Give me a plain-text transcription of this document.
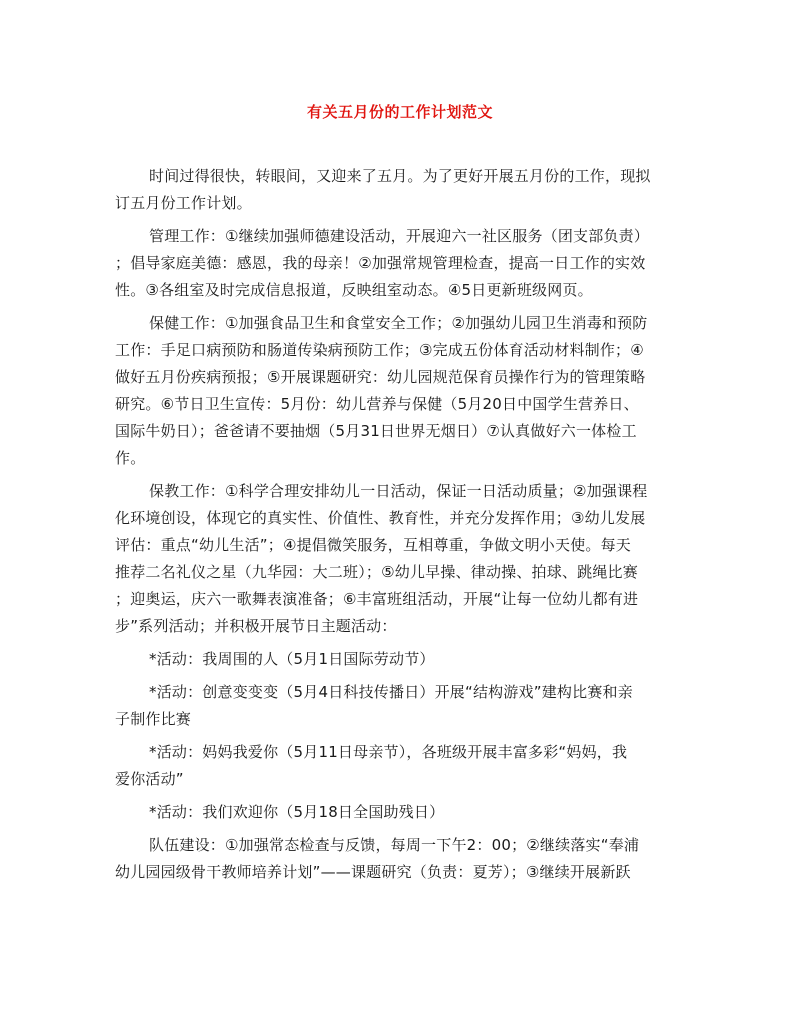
有关五月份的工作计划范文
时间过得很快，转眼间，又迎来了五月。为了更好开展五月份的工作，现拟
订五月份工作计划。
管理工作：①继续加强师德建设活动，开展迎六一社区服务（团支部负责）
；倡导家庭美德：感恩，我的母亲！②加强常规管理检查，提高一日工作的实效
性。③各组室及时完成信息报道，反映组室动态。④5日更新班级网页。
保健工作：①加强食品卫生和食堂安全工作；②加强幼儿园卫生消毒和预防
工作：手足口病预防和肠道传染病预防工作；③完成五份体育活动材料制作；④
做好五月份疾病预报；⑤开展课题研究：幼儿园规范保育员操作行为的管理策略
研究。⑥节日卫生宣传：5月份：幼儿营养与保健（5月20日中国学生营养日、
国际牛奶日）；爸爸请不要抽烟（5月31日世界无烟日）⑦认真做好六一体检工
作。
保教工作：①科学合理安排幼儿一日活动，保证一日活动质量；②加强课程
化环境创设，体现它的真实性、价值性、教育性，并充分发挥作用；③幼儿发展
评估：重点“幼儿生活”；④提倡微笑服务，互相尊重，争做文明小天使。每天
推荐二名礼仪之星（九华园：大二班）；⑤幼儿早操、律动操、拍球、跳绳比赛
；迎奥运，庆六一歌舞表演准备；⑥丰富班组活动，开展“让每一位幼儿都有进
步”系列活动；并积极开展节日主题活动：
*活动：我周围的人（5月1日国际劳动节）
*活动：创意变变变（5月4日科技传播日）开展“结构游戏”建构比赛和亲
子制作比赛
*活动：妈妈我爱你（5月11日母亲节），各班级开展丰富多彩“妈妈，我
爱你活动”
*活动：我们欢迎你（5月18日全国助残日）
队伍建设：①加强常态检查与反馈，每周一下午2：00；②继续落实“奉浦
幼儿园园级骨干教师培养计划”——课题研究（负责：夏芳）；③继续开展新跃
